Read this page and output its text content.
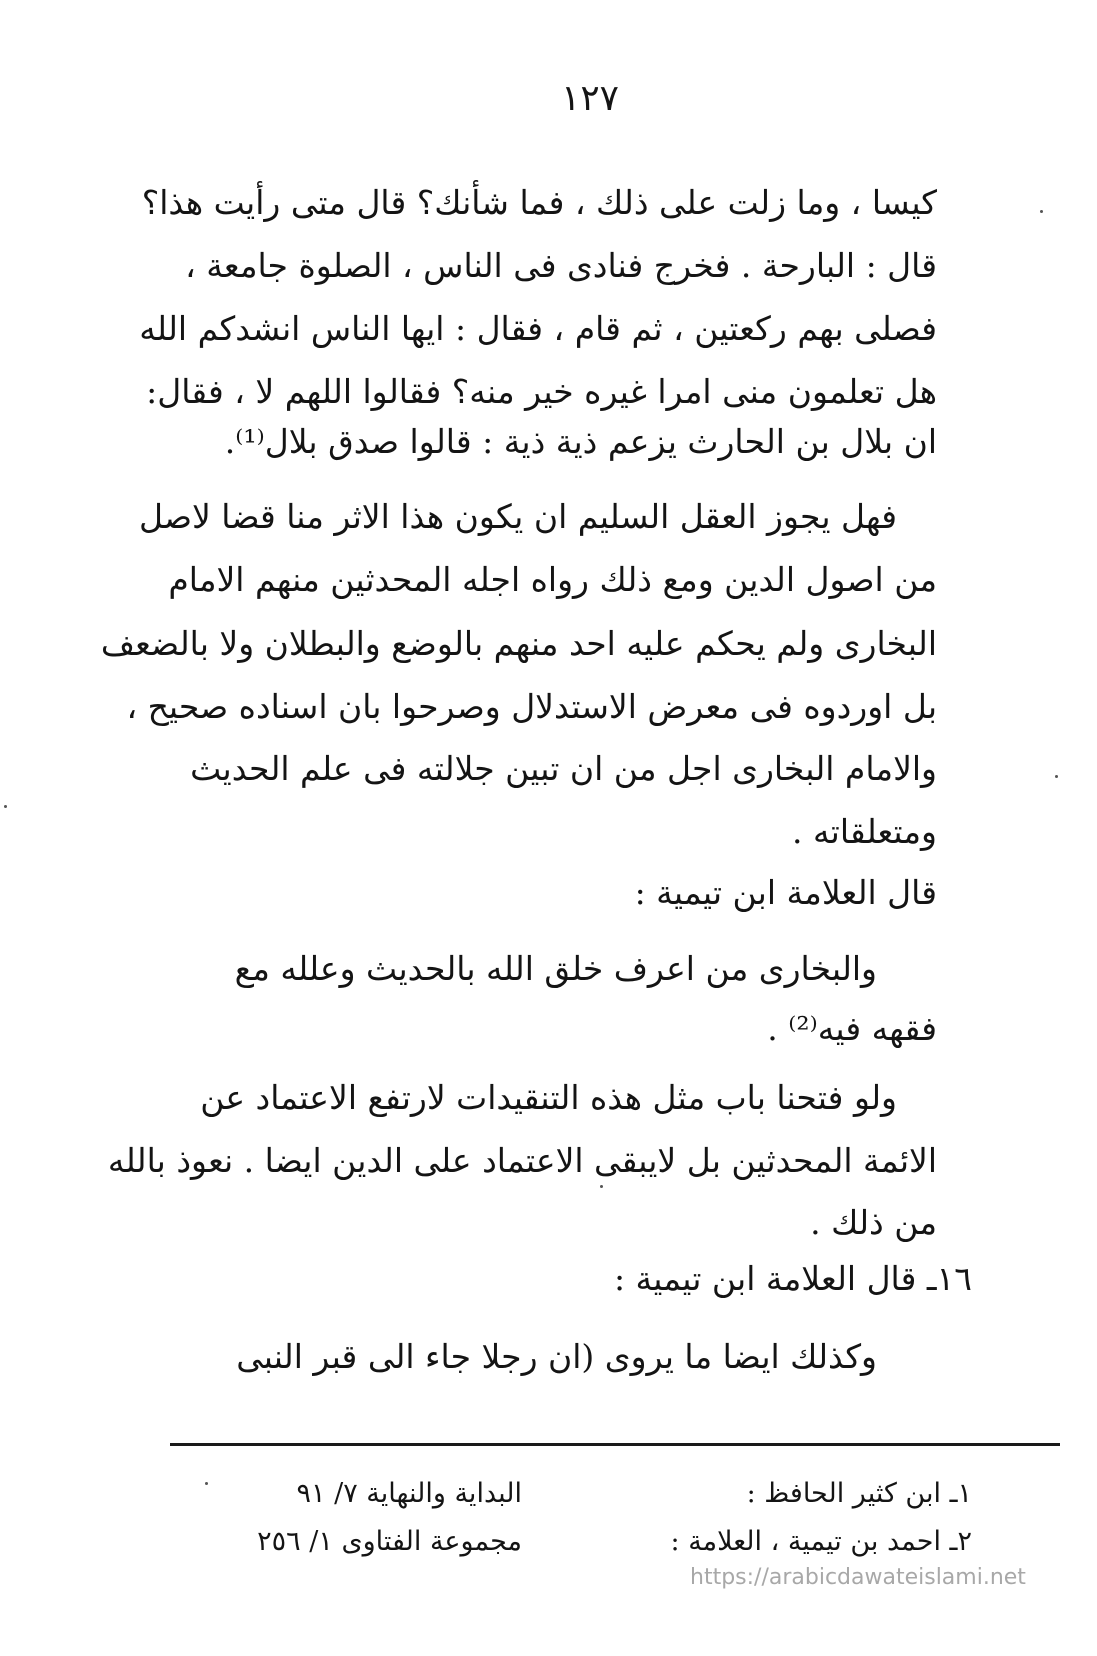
١٢٧
كيسا ، وما زلت على ذلك ، فما شأنك؟ قال متى رأيت هذا؟
قال : البارحة . فخرج فنادى فى الناس ، الصلوة جامعة ،
فصلى بهم ركعتين ، ثم قام ، فقال : ايها الناس انشدكم الله
هل تعلمون منى امرا غيره خير منه؟ فقالوا اللهم لا ، فقال:
ان بلال بن الحارث يزعم ذية ذية : قالوا صدق بلال⁽¹⁾.
فهل يجوز العقل السليم ان يكون هذا الاثر منا قضا لاصل
من اصول الدين ومع ذلك رواه اجله المحدثين منهم الامام
البخارى ولم يحكم عليه احد منهم بالوضع والبطلان ولا بالضعف
بل اوردوه فى معرض الاستدلال وصرحوا بان اسناده صحيح ،
والامام البخارى اجل من ان تبين جلالته فى علم الحديث
ومتعلقاته .
قال العلامة ابن تيمية :
والبخارى من اعرف خلق الله بالحديث وعلله مع
فقهه فيه⁽²⁾ .
ولو فتحنا باب مثل هذه التنقيدات لارتفع الاعتماد عن
الائمة المحدثين بل لايبقى الاعتماد على الدين ايضا . نعوذ بالله
من ذلك .
١٦ـ قال العلامة ابن تيمية :
وكذلك ايضا ما يروى (ان رجلا جاء الى قبر النبى
١ـ ابن كثير الحافظ :
البداية والنهاية ٧/ ٩١
٢ـ احمد بن تيمية ، العلامة :
مجموعة الفتاوى ١/ ٢٥٦
https://arabicdawateislami.net
